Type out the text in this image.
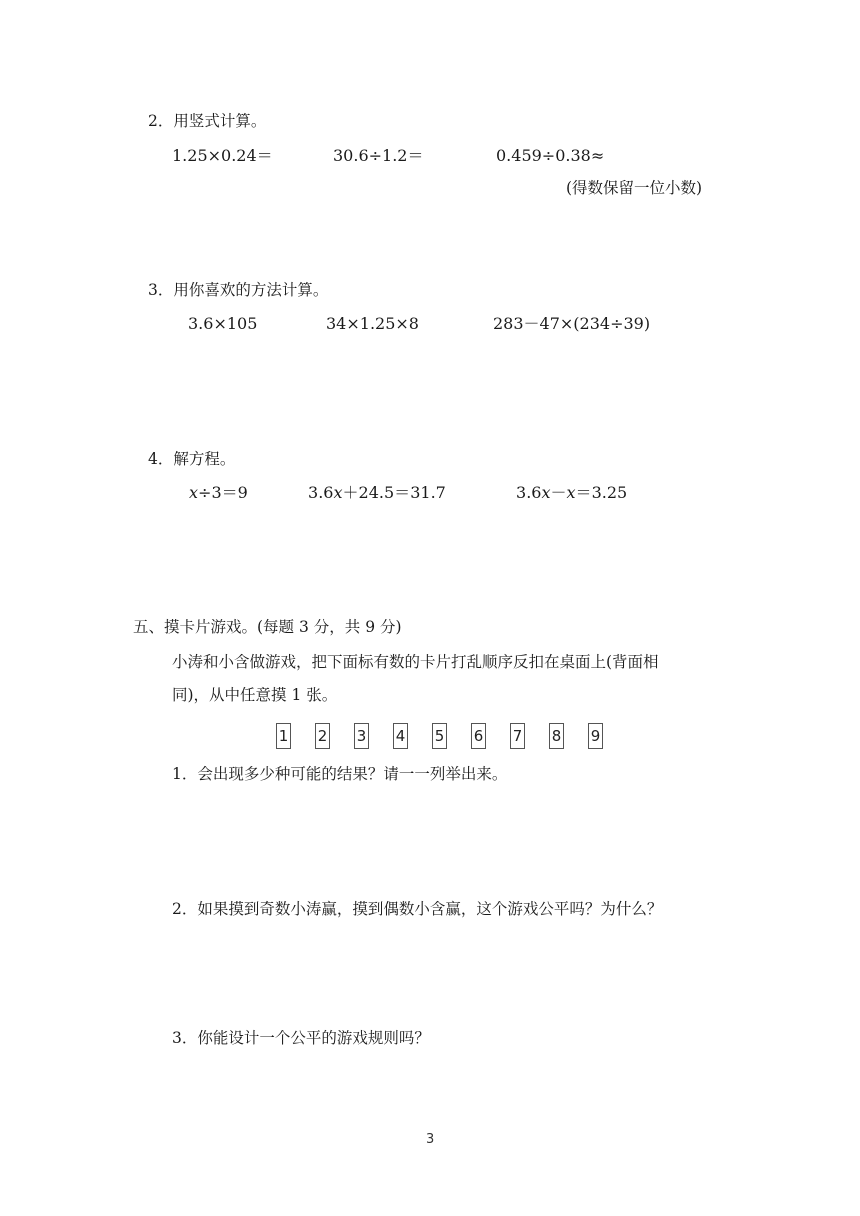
2．用竖式计算。
1.25×0.24＝	30.6÷1.2＝	0.459÷0.38≈
(得数保留一位小数)
3．用你喜欢的方法计算。
3.6×105	34×1.25×8	283－47×(234÷39)
4．解方程。
x÷3＝9	3.6x＋24.5＝31.7	3.6x－x＝3.25
五、摸卡片游戏。(每题 3 分，共 9 分)
小涛和小含做游戏，把下面标有数的卡片打乱顺序反扣在桌面上(背面相
同)，从中任意摸 1 张。
1 2 3 4 5 6 7 8 9
1．会出现多少种可能的结果？请一一列举出来。
2．如果摸到奇数小涛赢，摸到偶数小含赢，这个游戏公平吗？为什么？
3．你能设计一个公平的游戏规则吗？
3
